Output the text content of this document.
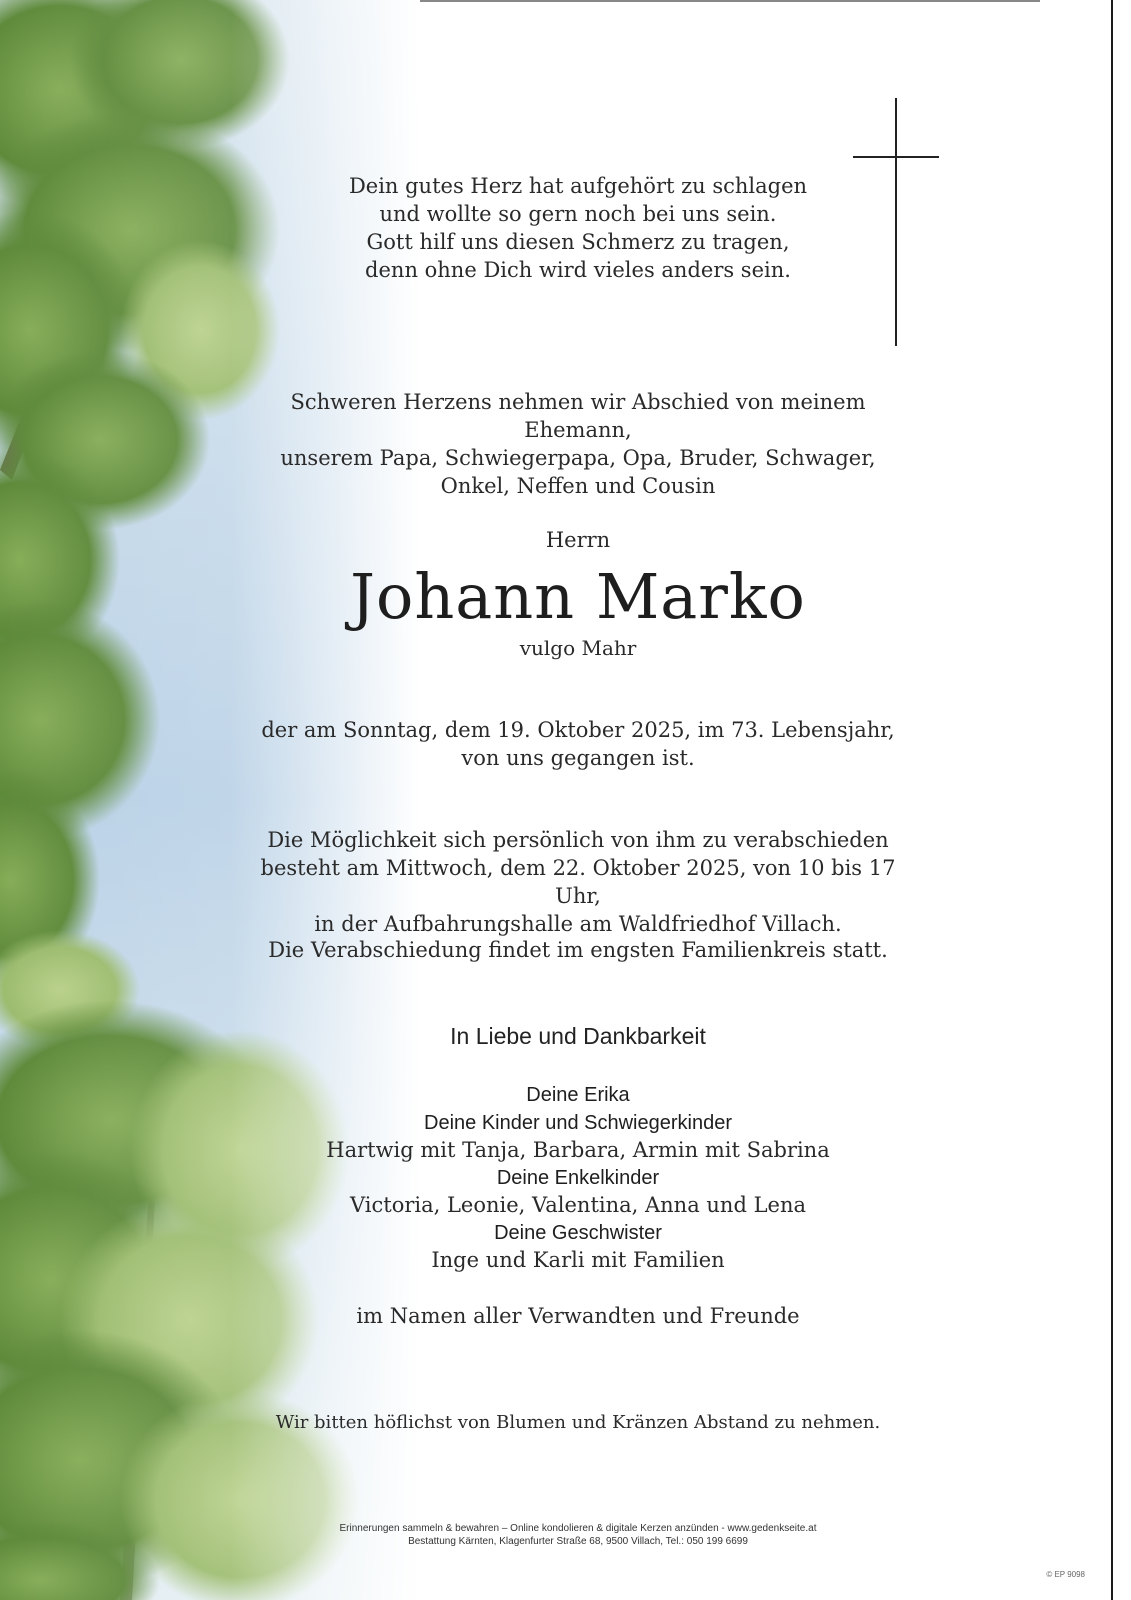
Dein gutes Herz hat aufgehört zu schlagen
und wollte so gern noch bei uns sein.
Gott hilf uns diesen Schmerz zu tragen,
denn ohne Dich wird vieles anders sein.
Schweren Herzens nehmen wir Abschied von meinem Ehemann,
unserem Papa, Schwiegerpapa, Opa, Bruder, Schwager,
Onkel, Neffen und Cousin
Herrn
Johann Marko
vulgo Mahr
der am Sonntag, dem 19. Oktober 2025, im 73. Lebensjahr,
von uns gegangen ist.
Die Möglichkeit sich persönlich von ihm zu verabschieden
besteht am Mittwoch, dem 22. Oktober 2025, von 10 bis 17 Uhr,
in der Aufbahrungshalle am Waldfriedhof Villach.
Die Verabschiedung findet im engsten Familienkreis statt.
In Liebe und Dankbarkeit
Deine Erika
Deine Kinder und Schwiegerkinder
Hartwig mit Tanja, Barbara, Armin mit Sabrina
Deine Enkelkinder
Victoria, Leonie, Valentina, Anna und Lena
Deine Geschwister
Inge und Karli mit Familien
im Namen aller Verwandten und Freunde
Wir bitten höflichst von Blumen und Kränzen Abstand zu nehmen.
Erinnerungen sammeln & bewahren – Online kondolieren & digitale Kerzen anzünden - www.gedenkseite.at
Bestattung Kärnten, Klagenfurter Straße 68, 9500 Villach, Tel.: 050 199 6699
© EP 9098
